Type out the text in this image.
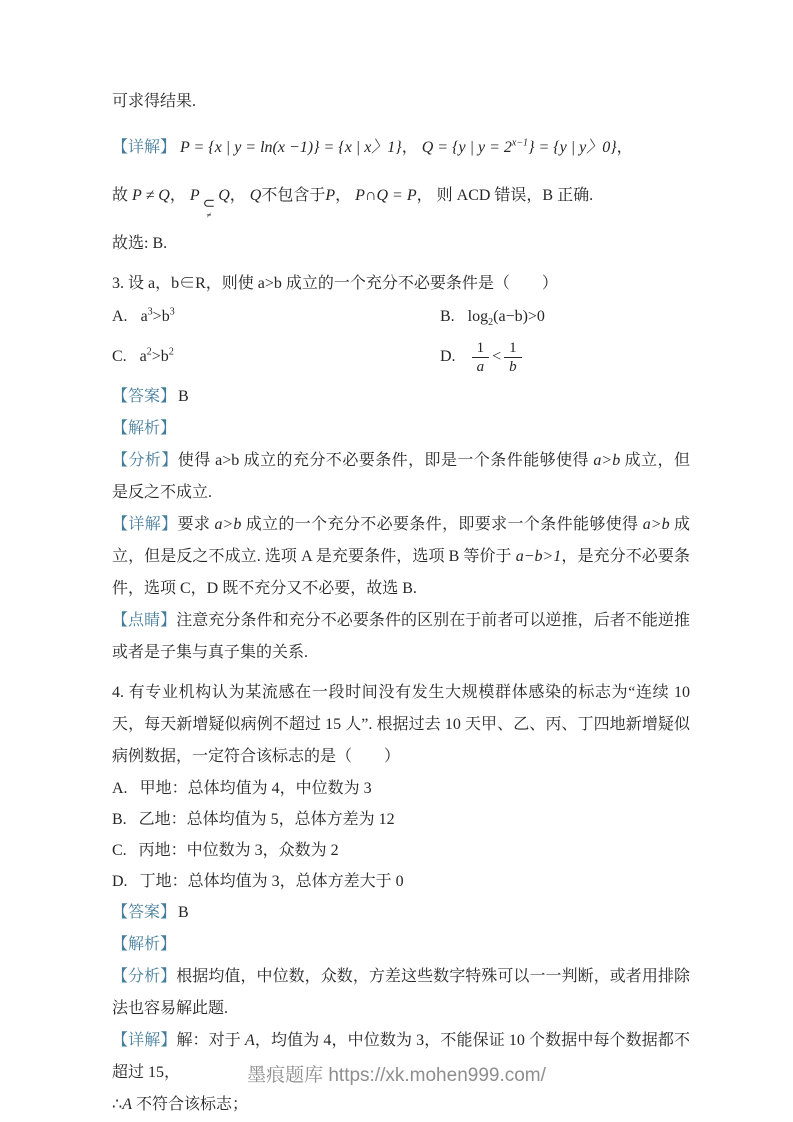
可求得结果.

【详解】 P = {x | y = ln(x −1)} = {x | x〉1}， Q = {y | $y = 2^{x-1}\} = \{y$ | y〉0}，

故 P ≠ Q， P ⊂
≠
Q， Q不包含于P， P∩Q = P， 则 ACD 错误，B 正确.

故选: B.

3. 设 a，b∈R，则使 a>b 成立的一个充分不必要条件是（　　）

A. $a^3>b^3$	B. $\log_2(a-b)>0$
C. $a^2>b^2$	D. $\frac{1}{a} < \frac{1}{b}$

【答案】 B

【解析】

【分析】使得 a>b 成立的充分不必要条件，即是一个条件能够使得 a>b 成立，但是反之不成立.

【详解】要求 a>b 成立的一个充分不必要条件，即要求一个条件能够使得 a>b 成立，但是反之不成立. 选项 A 是充要条件，选项 B 等价于 a−b>1，是充分不必要条件，选项 C，D 既不充分又不必要，故选 B.

【点睛】注意充分条件和充分不必要条件的区别在于前者可以逆推，后者不能逆推或者是子集与真子集的关系.

4. 有专业机构认为某流感在一段时间没有发生大规模群体感染的标志为“连续 10 天，每天新增疑似病例不超过 15 人”. 根据过去 10 天甲、乙、丙、丁四地新增疑似病例数据，一定符合该标志的是（　　）

A. 甲地：总体均值为 4，中位数为 3
B. 乙地：总体均值为 5，总体方差为 12
C. 丙地：中位数为 3，众数为 2
D. 丁地：总体均值为 3，总体方差大于 0

【答案】 B

【解析】

【分析】根据均值，中位数，众数，方差这些数字特殊可以一一判断，或者用排除法也容易解此题.

【详解】解：对于 A，均值为 4，中位数为 3，不能保证 10 个数据中每个数据都不超过 15，

∴A 不符合该标志；

墨痕题库 https://xk.mohen999.com/
